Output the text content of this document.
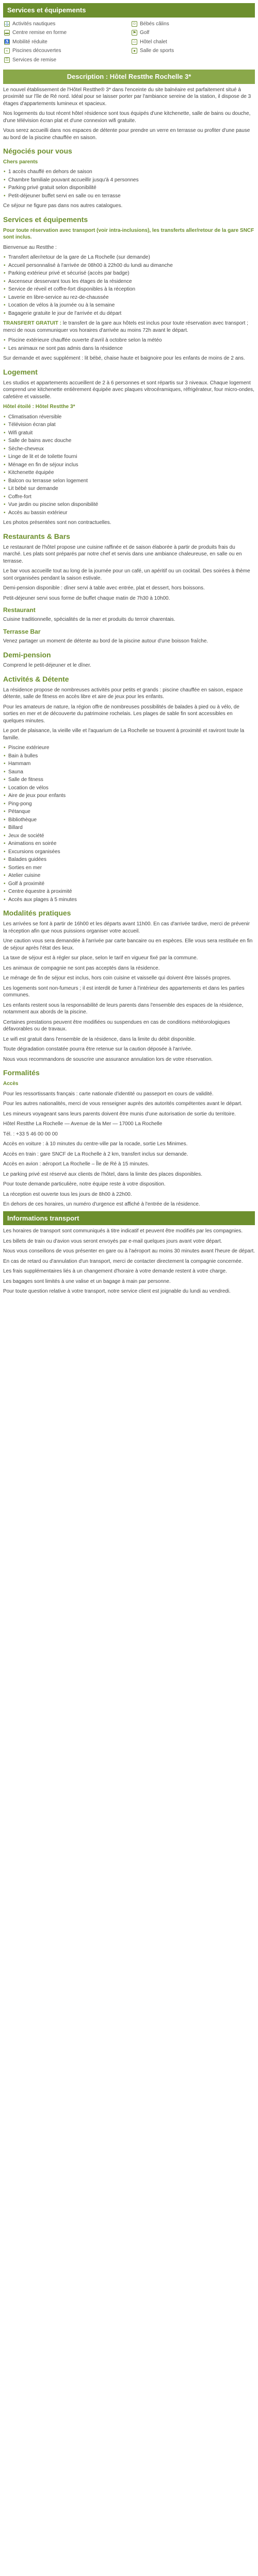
Services et équipements
⚓ Activités nautiques	☺ Bébés câlins
▬ Centre remise en forme	⚑ Golf
♿ Mobilité réduite	⌂ Hôtel chalet
≈ Piscines découvertes	● Salle de sports
⚿ Services de remise
Description : Hôtel Restthe Rochelle 3*

Le nouvel établissement de l'Hôtel Restthe® 3* dans l'enceinte du site balnéaire est parfaitement situé à proximité sur l'île de Ré nord. Idéal pour se laisser porter par l'ambiance sereine de la station, il dispose de 3 étages d'appartements lumineux et spacieux.

Nos logements du tout récent hôtel résidence sont tous équipés d'une kitchenette, salle de bains ou douche, d'une télévision écran plat et d'une connexion wifi gratuite.

Vous serez accueilli dans nos espaces de détente pour prendre un verre en terrasse ou profiter d'une pause au bord de la piscine chauffée en saison.

Négociés pour vous

Chers parents

• 1 accès chauffé en dehors de saison
• Chambre familiale pouvant accueillir jusqu'à 4 personnes
• Parking privé gratuit selon disponibilité
• Petit-déjeuner buffet servi en salle ou en terrasse

Ce séjour ne figure pas dans nos autres catalogues.

Services et équipements

Pour toute réservation avec transport (voir intra-inclusions), les transferts aller/retour de la gare SNCF sont inclus.

Bienvenue au Restthe :

• Transfert aller/retour de la gare de La Rochelle (sur demande)
• Accueil personnalisé à l'arrivée de 08h00 à 22h00 du lundi au dimanche
• Parking extérieur privé et sécurisé (accès par badge)
• Ascenseur desservant tous les étages de la résidence
• Service de réveil et coffre-fort disponibles à la réception
• Laverie en libre-service au rez-de-chaussée
• Location de vélos à la journée ou à la semaine
• Bagagerie gratuite le jour de l'arrivée et du départ

TRANSFERT GRATUIT : le transfert de la gare aux hôtels est inclus pour toute réservation avec transport ; merci de nous communiquer vos horaires d'arrivée au moins 72h avant le départ.

• Piscine extérieure chauffée ouverte d'avril à octobre selon la météo
• Les animaux ne sont pas admis dans la résidence

Sur demande et avec supplément : lit bébé, chaise haute et baignoire pour les enfants de moins de 2 ans.

Logement

Les studios et appartements accueillent de 2 à 6 personnes et sont répartis sur 3 niveaux. Chaque logement comprend une kitchenette entièrement équipée avec plaques vitrocéramiques, réfrigérateur, four micro-ondes, cafetière et vaisselle.

Hôtel étoilé : Hôtel Restthe 3*

• Climatisation réversible
• Télévision écran plat
• Wifi gratuit
• Salle de bains avec douche
• Sèche-cheveux
• Linge de lit et de toilette fourni
• Ménage en fin de séjour inclus
• Kitchenette équipée
• Balcon ou terrasse selon logement
• Lit bébé sur demande
• Coffre-fort
• Vue jardin ou piscine selon disponibilité
• Accès au bassin extérieur

Les photos présentées sont non contractuelles.

Restaurants & Bars

Le restaurant de l'hôtel propose une cuisine raffinée et de saison élaborée à partir de produits frais du marché. Les plats sont préparés par notre chef et servis dans une ambiance chaleureuse, en salle ou en terrasse.

Le bar vous accueille tout au long de la journée pour un café, un apéritif ou un cocktail. Des soirées à thème sont organisées pendant la saison estivale.

Demi-pension disponible : dîner servi à table avec entrée, plat et dessert, hors boissons.

Petit-déjeuner servi sous forme de buffet chaque matin de 7h30 à 10h00.

Restaurant

Cuisine traditionnelle, spécialités de la mer et produits du terroir charentais.

Terrasse Bar

Venez partager un moment de détente au bord de la piscine autour d'une boisson fraîche.

Demi-pension

Comprend le petit-déjeuner et le dîner.

Activités & Détente

La résidence propose de nombreuses activités pour petits et grands : piscine chauffée en saison, espace détente, salle de fitness en accès libre et aire de jeux pour les enfants.

Pour les amateurs de nature, la région offre de nombreuses possibilités de balades à pied ou à vélo, de sorties en mer et de découverte du patrimoine rochelais. Les plages de sable fin sont accessibles en quelques minutes.

Le port de plaisance, la vieille ville et l'aquarium de La Rochelle se trouvent à proximité et raviront toute la famille.

• Piscine extérieure
• Bain à bulles
• Hammam
• Sauna
• Salle de fitness
• Location de vélos
• Aire de jeux pour enfants
• Ping-pong
• Pétanque
• Bibliothèque
• Billard
• Jeux de société
• Animations en soirée
• Excursions organisées
• Balades guidées
• Sorties en mer
• Atelier cuisine
• Golf à proximité
• Centre équestre à proximité
• Accès aux plages à 5 minutes
Modalités pratiques

Les arrivées se font à partir de 16h00 et les départs avant 11h00. En cas d'arrivée tardive, merci de prévenir la réception afin que nous puissions organiser votre accueil.

Une caution vous sera demandée à l'arrivée par carte bancaire ou en espèces. Elle vous sera restituée en fin de séjour après l'état des lieux.

La taxe de séjour est à régler sur place, selon le tarif en vigueur fixé par la commune.

Les animaux de compagnie ne sont pas acceptés dans la résidence.

Le ménage de fin de séjour est inclus, hors coin cuisine et vaisselle qui doivent être laissés propres.

Les logements sont non-fumeurs ; il est interdit de fumer à l'intérieur des appartements et dans les parties communes.

Les enfants restent sous la responsabilité de leurs parents dans l'ensemble des espaces de la résidence, notamment aux abords de la piscine.

Certaines prestations peuvent être modifiées ou suspendues en cas de conditions météorologiques défavorables ou de travaux.

Le wifi est gratuit dans l'ensemble de la résidence, dans la limite du débit disponible.

Toute dégradation constatée pourra être retenue sur la caution déposée à l'arrivée.

Nous vous recommandons de souscrire une assurance annulation lors de votre réservation.

Formalités

Accès

Pour les ressortissants français : carte nationale d'identité ou passeport en cours de validité.

Pour les autres nationalités, merci de vous renseigner auprès des autorités compétentes avant le départ.

Les mineurs voyageant sans leurs parents doivent être munis d'une autorisation de sortie du territoire.

Hôtel Restthe La Rochelle — Avenue de la Mer — 17000 La Rochelle

Tél. : +33 5 46 00 00 00

Accès en voiture : à 10 minutes du centre-ville par la rocade, sortie Les Minimes.

Accès en train : gare SNCF de La Rochelle à 2 km, transfert inclus sur demande.

Accès en avion : aéroport La Rochelle – Île de Ré à 15 minutes.

Le parking privé est réservé aux clients de l'hôtel, dans la limite des places disponibles.

Pour toute demande particulière, notre équipe reste à votre disposition.

La réception est ouverte tous les jours de 8h00 à 22h00.

En dehors de ces horaires, un numéro d'urgence est affiché à l'entrée de la résidence.

Informations transport

Les horaires de transport sont communiqués à titre indicatif et peuvent être modifiés par les compagnies.

Les billets de train ou d'avion vous seront envoyés par e-mail quelques jours avant votre départ.

Nous vous conseillons de vous présenter en gare ou à l'aéroport au moins 30 minutes avant l'heure de départ.

En cas de retard ou d'annulation d'un transport, merci de contacter directement la compagnie concernée.

Les frais supplémentaires liés à un changement d'horaire à votre demande restent à votre charge.

Les bagages sont limités à une valise et un bagage à main par personne.

Pour toute question relative à votre transport, notre service client est joignable du lundi au vendredi.
